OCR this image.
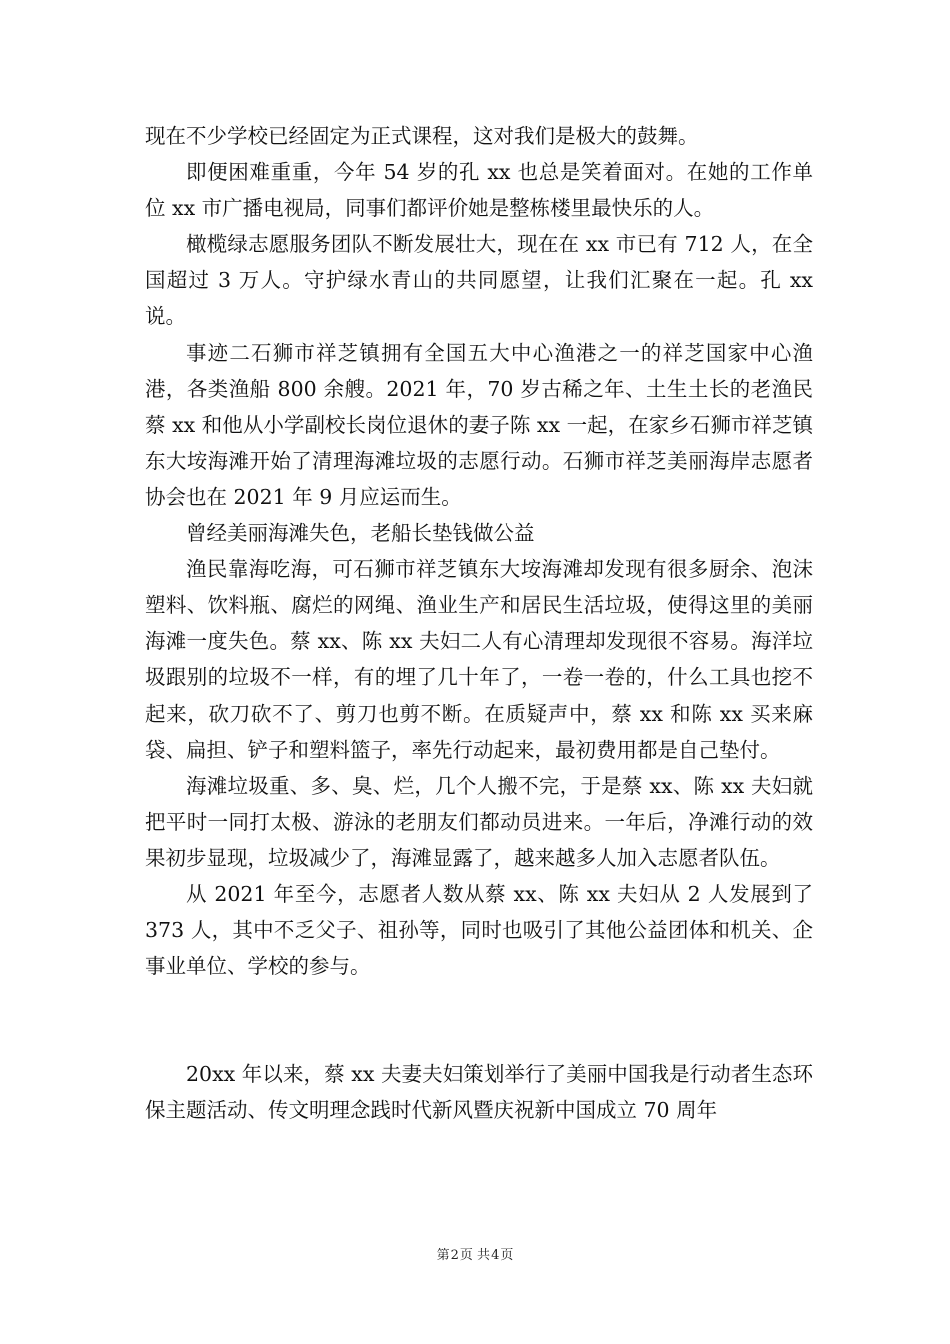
现在不少学校已经固定为正式课程，这对我们是极大的鼓舞。

即便困难重重，今年 54 岁的孔 xx 也总是笑着面对。在她的工作单位 xx 市广播电视局，同事们都评价她是整栋楼里最快乐的人。

橄榄绿志愿服务团队不断发展壮大，现在在 xx 市已有 712 人，在全国超过 3 万人。守护绿水青山的共同愿望，让我们汇聚在一起。孔 xx 说。

事迹二石狮市祥芝镇拥有全国五大中心渔港之一的祥芝国家中心渔港，各类渔船 800 余艘。2021 年，70 岁古稀之年、土生土长的老渔民蔡 xx 和他从小学副校长岗位退休的妻子陈 xx 一起，在家乡石狮市祥芝镇东大垵海滩开始了清理海滩垃圾的志愿行动。石狮市祥芝美丽海岸志愿者协会也在 2021 年 9 月应运而生。

曾经美丽海滩失色，老船长垫钱做公益

渔民靠海吃海，可石狮市祥芝镇东大垵海滩却发现有很多厨余、泡沫塑料、饮料瓶、腐烂的网绳、渔业生产和居民生活垃圾，使得这里的美丽海滩一度失色。蔡 xx、陈 xx 夫妇二人有心清理却发现很不容易。海洋垃圾跟别的垃圾不一样，有的埋了几十年了，一卷一卷的，什么工具也挖不起来，砍刀砍不了、剪刀也剪不断。在质疑声中，蔡 xx 和陈 xx 买来麻袋、扁担、铲子和塑料篮子，率先行动起来，最初费用都是自己垫付。

海滩垃圾重、多、臭、烂，几个人搬不完，于是蔡 xx、陈 xx 夫妇就把平时一同打太极、游泳的老朋友们都动员进来。一年后，净滩行动的效果初步显现，垃圾减少了，海滩显露了，越来越多人加入志愿者队伍。

从 2021 年至今，志愿者人数从蔡 xx、陈 xx 夫妇从 2 人发展到了 373 人，其中不乏父子、祖孙等，同时也吸引了其他公益团体和机关、企事业单位、学校的参与。

20xx 年以来，蔡 xx 夫妻夫妇策划举行了美丽中国我是行动者生态环保主题活动、传文明理念践时代新风暨庆祝新中国成立 70 周年

第2页 共4页
